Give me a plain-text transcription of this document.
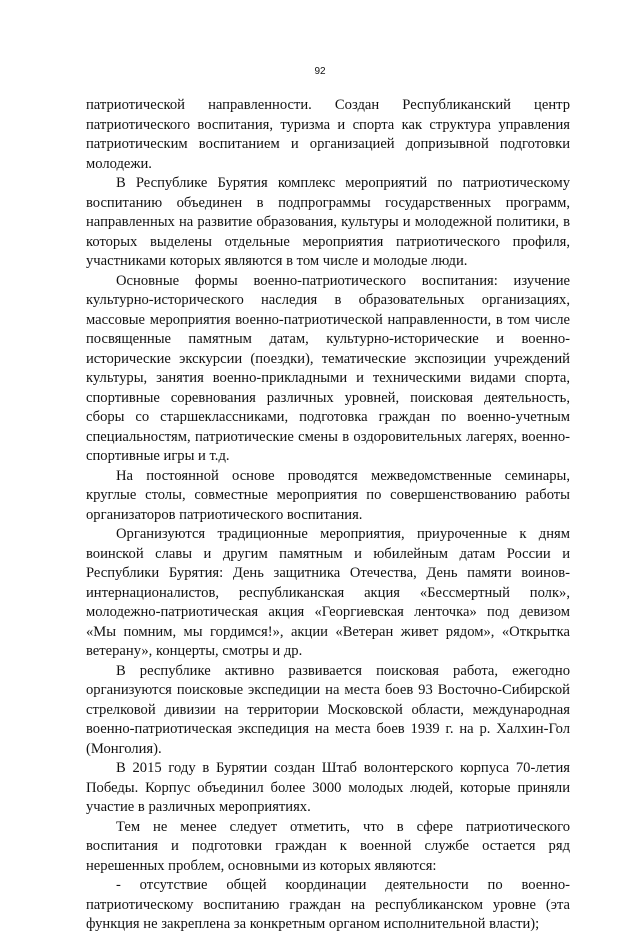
92

патриотической направленности. Создан Республиканский центр патриотического воспитания, туризма и спорта как структура управления патриотическим воспитанием и организацией допризывной подготовки молодежи.

В Республике Бурятия комплекс мероприятий по патриотическому воспитанию объединен в подпрограммы государственных программ, направленных на развитие образования, культуры и молодежной политики, в которых выделены отдельные мероприятия патриотического профиля, участниками которых являются в том числе и молодые люди.

Основные формы военно-патриотического воспитания: изучение культурно-исторического наследия в образовательных организациях, массовые мероприятия военно-патриотической направленности, в том числе посвященные памятным датам, культурно-исторические и военно-исторические экскурсии (поездки), тематические экспозиции учреждений культуры, занятия военно-прикладными и техническими видами спорта, спортивные соревнования различных уровней, поисковая деятельность, сборы со старшеклассниками, подготовка граждан по военно-учетным специальностям, патриотические смены в оздоровительных лагерях, военно-спортивные игры и т.д.

На постоянной основе проводятся межведомственные семинары, круглые столы, совместные мероприятия по совершенствованию работы организаторов патриотического воспитания.

Организуются традиционные мероприятия, приуроченные к дням воинской славы и другим памятным и юбилейным датам России и Республики Бурятия: День защитника Отечества, День памяти воинов-интернационалистов, республиканская акция «Бессмертный полк», молодежно-патриотическая акция «Георгиевская ленточка» под девизом «Мы помним, мы гордимся!», акции «Ветеран живет рядом», «Открытка ветерану», концерты, смотры и др.

В республике активно развивается поисковая работа, ежегодно организуются поисковые экспедиции на места боев 93 Восточно-Сибирской стрелковой дивизии на территории Московской области, международная военно-патриотическая экспедиция на места боев 1939 г. на р. Халхин-Гол (Монголия).

В 2015 году в Бурятии создан Штаб волонтерского корпуса 70-летия Победы. Корпус объединил более 3000 молодых людей, которые приняли участие в различных мероприятиях.

Тем не менее следует отметить, что в сфере патриотического воспитания и подготовки граждан к военной службе остается ряд нерешенных проблем, основными из которых являются:

- отсутствие общей координации деятельности по военно-патриотическому воспитанию граждан на республиканском уровне (эта функция не закреплена за конкретным органом исполнительной власти);
